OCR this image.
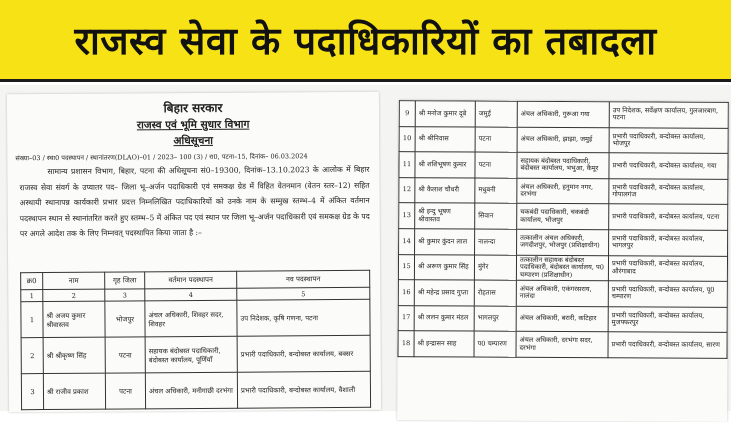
राजस्व सेवा के पदाधिकारियों का तबादला
बिहार सरकार
राजस्व एवं भूमि सुधार विभाग
अधिसूचना
संख्या–03 / स्था0 पदस्थापन / स्थानांतरण(DLAO)–01 / 2023– 100 (3) / रा0, पटना–15, दिनांक– 06.03.2024

सामान्य प्रशासन विभाग, बिहार, पटना की अधिसूचना सं0–19300, दिनांक–13.10.2023 के आलोक में बिहार राजस्व सेवा संवर्ग के उप्यातर पद– जिला भू–अर्जन पदाधिकारी एवं समकक्ष ग्रेड में विहित वेतनमान (वेतन स्तर–12) सहित अस्थायी स्थानापन्न कार्यकारी प्रभार प्रदत्त निम्नलिखित पदाधिकारियों को उनके नाम के सम्मुख स्तम्भ–4 में अंकित वर्तमान पदस्थापन स्थान से स्थानांतरित करते हुए स्तम्भ–5 में अंकित पद एवं स्थान पर जिला भू–अर्जन पदाधिकारी एवं समकक्ष ग्रेड के पद पर अगले आदेश तक के लिए निम्नवत् पदस्थापित किया जाता है :–

क्र0	नाम	गृह जिला	वर्तमान पदस्थापन	नव पदस्थापन
1	2	3	4	5
1	श्री अजय कुमार श्रीवास्तव	भोजपुर	अंचल अधिकारी, शिवहर सदर, शिवहर	उप निदेशक, कृषि गणना, पटना
2	श्री श्रीकृष्ण सिंह	पटना	सहायक बंदोबस्त पदाधिकारी, बंदोबस्त कार्यालय, पूर्णियाँ	प्रभारी पदाधिकारी, बन्दोबस्त कार्यालय, बक्सर
3	श्री राजीव प्रकाश	पटना	अंचल अधिकारी, मनीगाछी दरभंगा	प्रभारी पदाधिकारी, बन्दोबस्त कार्यालय, वैशाली
9	श्री मनोज कुमार दूबे	जमुई	अंचल अधिकारी, गुरूआ गया	उप निदेशक, सर्वेक्षण कार्यालय, गुलजारबाग, पटना
10	श्री श्रीनिवास	पटना	अंचल अधिकारी, झाझा, जमुई	प्रभारी पदाधिकारी, बन्दोबस्त कार्यालय, भोजपुर
11	श्री शशिभूषण कुमार	पटना	सहायक बंदोबस्त पदाधिकारी, बंदोबस्त कार्यालय, भभुआ, कैमूर	प्रभारी पदाधिकारी, बन्दोबस्त कार्यालय, गया
12	श्री कैलाश चौधरी	मधुबनी	अंचल अधिकारी, हनुमान नगर, दरभंगा	प्रभारी पदाधिकारी, बन्दोबस्त कार्यालय, गोपालगंज
13	श्री इन्दु भूषण श्रीवास्तव	सिवान	चकबंदी पदाधिकारी, चकबंदी कार्यालय, भोजपुर	प्रभारी पदाधिकारी, बन्दोबस्त कार्यालय, पटना
14	श्री कुमार कुंदन लाल	नालन्दा	तत्कालीन अंचल अधिकारी, जगदीशपुर, भोजपुर (प्रशिक्षाधीन)	प्रभारी पदाधिकारी, बन्दोबस्त कार्यालय, भागलपुर
15	श्री अरूण कुमार सिंह	मुंगेर	तत्कालीन सहायक बंदोबस्त पदाधिकारी, बंदोबस्त कार्यालय, प0 चम्पारण (प्रशिक्षाधीन)	प्रभारी पदाधिकारी, बन्दोबस्त कार्यालय, औरंगाबाद
16	श्री महेन्द्र प्रसाद गुप्ता	रोहतास	अंचल अधिकारी, एकंगरसराय, नालंदा	प्रभारी पदाधिकारी, बन्दोबस्त कार्यालय, पू0 चम्पारण
17	श्री ललन कुमार मंडल	भागलपुर	अंचल अधिकारी, बरारी, कटिहार	प्रभारी पदाधिकारी, बन्दोबस्त कार्यालय, मुजफ्फरपुर
18	श्री इन्द्रासन साह	प0 चम्पारण	अंचल अधिकारी, दरभंगा सदर, दरभंगा	प्रभारी पदाधिकारी, बन्दोबस्त कार्यालय, सारण
